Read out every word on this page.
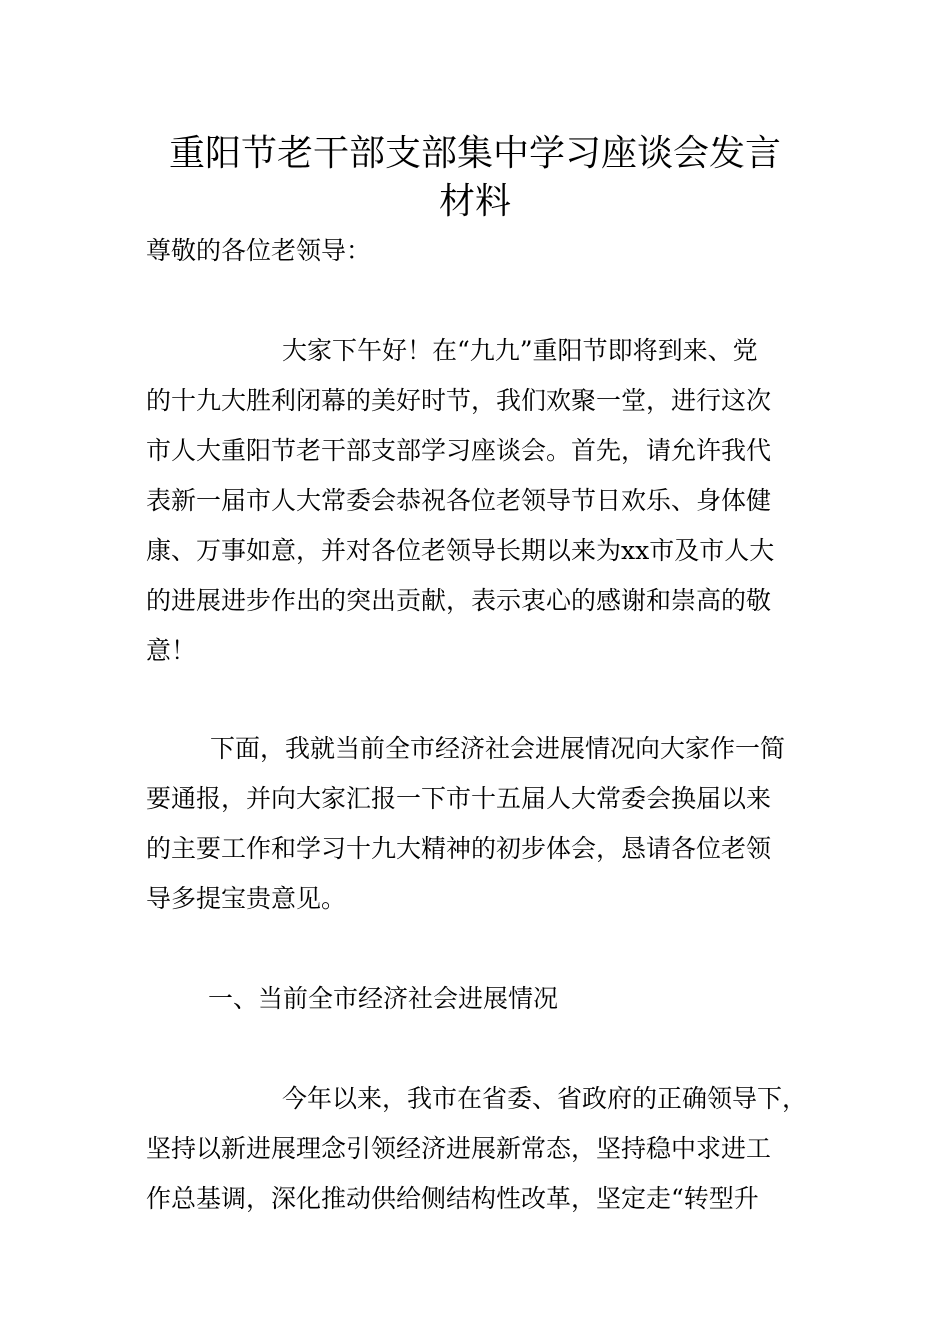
重阳节老干部支部集中学习座谈会发言
材料
尊敬的各位老领导：
大家下午好！在“九九”重阳节即将到来、党
的十九大胜利闭幕的美好时节，我们欢聚一堂，进行这次
市人大重阳节老干部支部学习座谈会。首先，请允许我代
表新一届市人大常委会恭祝各位老领导节日欢乐、身体健
康、万事如意，并对各位老领导长期以来为xx市及市人大
的进展进步作出的突出贡献，表示衷心的感谢和崇高的敬
意！
下面，我就当前全市经济社会进展情况向大家作一简
要通报，并向大家汇报一下市十五届人大常委会换届以来
的主要工作和学习十九大精神的初步体会，恳请各位老领
导多提宝贵意见。
一、当前全市经济社会进展情况
今年以来，我市在省委、省政府的正确领导下，
坚持以新进展理念引领经济进展新常态，坚持稳中求进工
作总基调，深化推动供给侧结构性改革，坚定走“转型升
